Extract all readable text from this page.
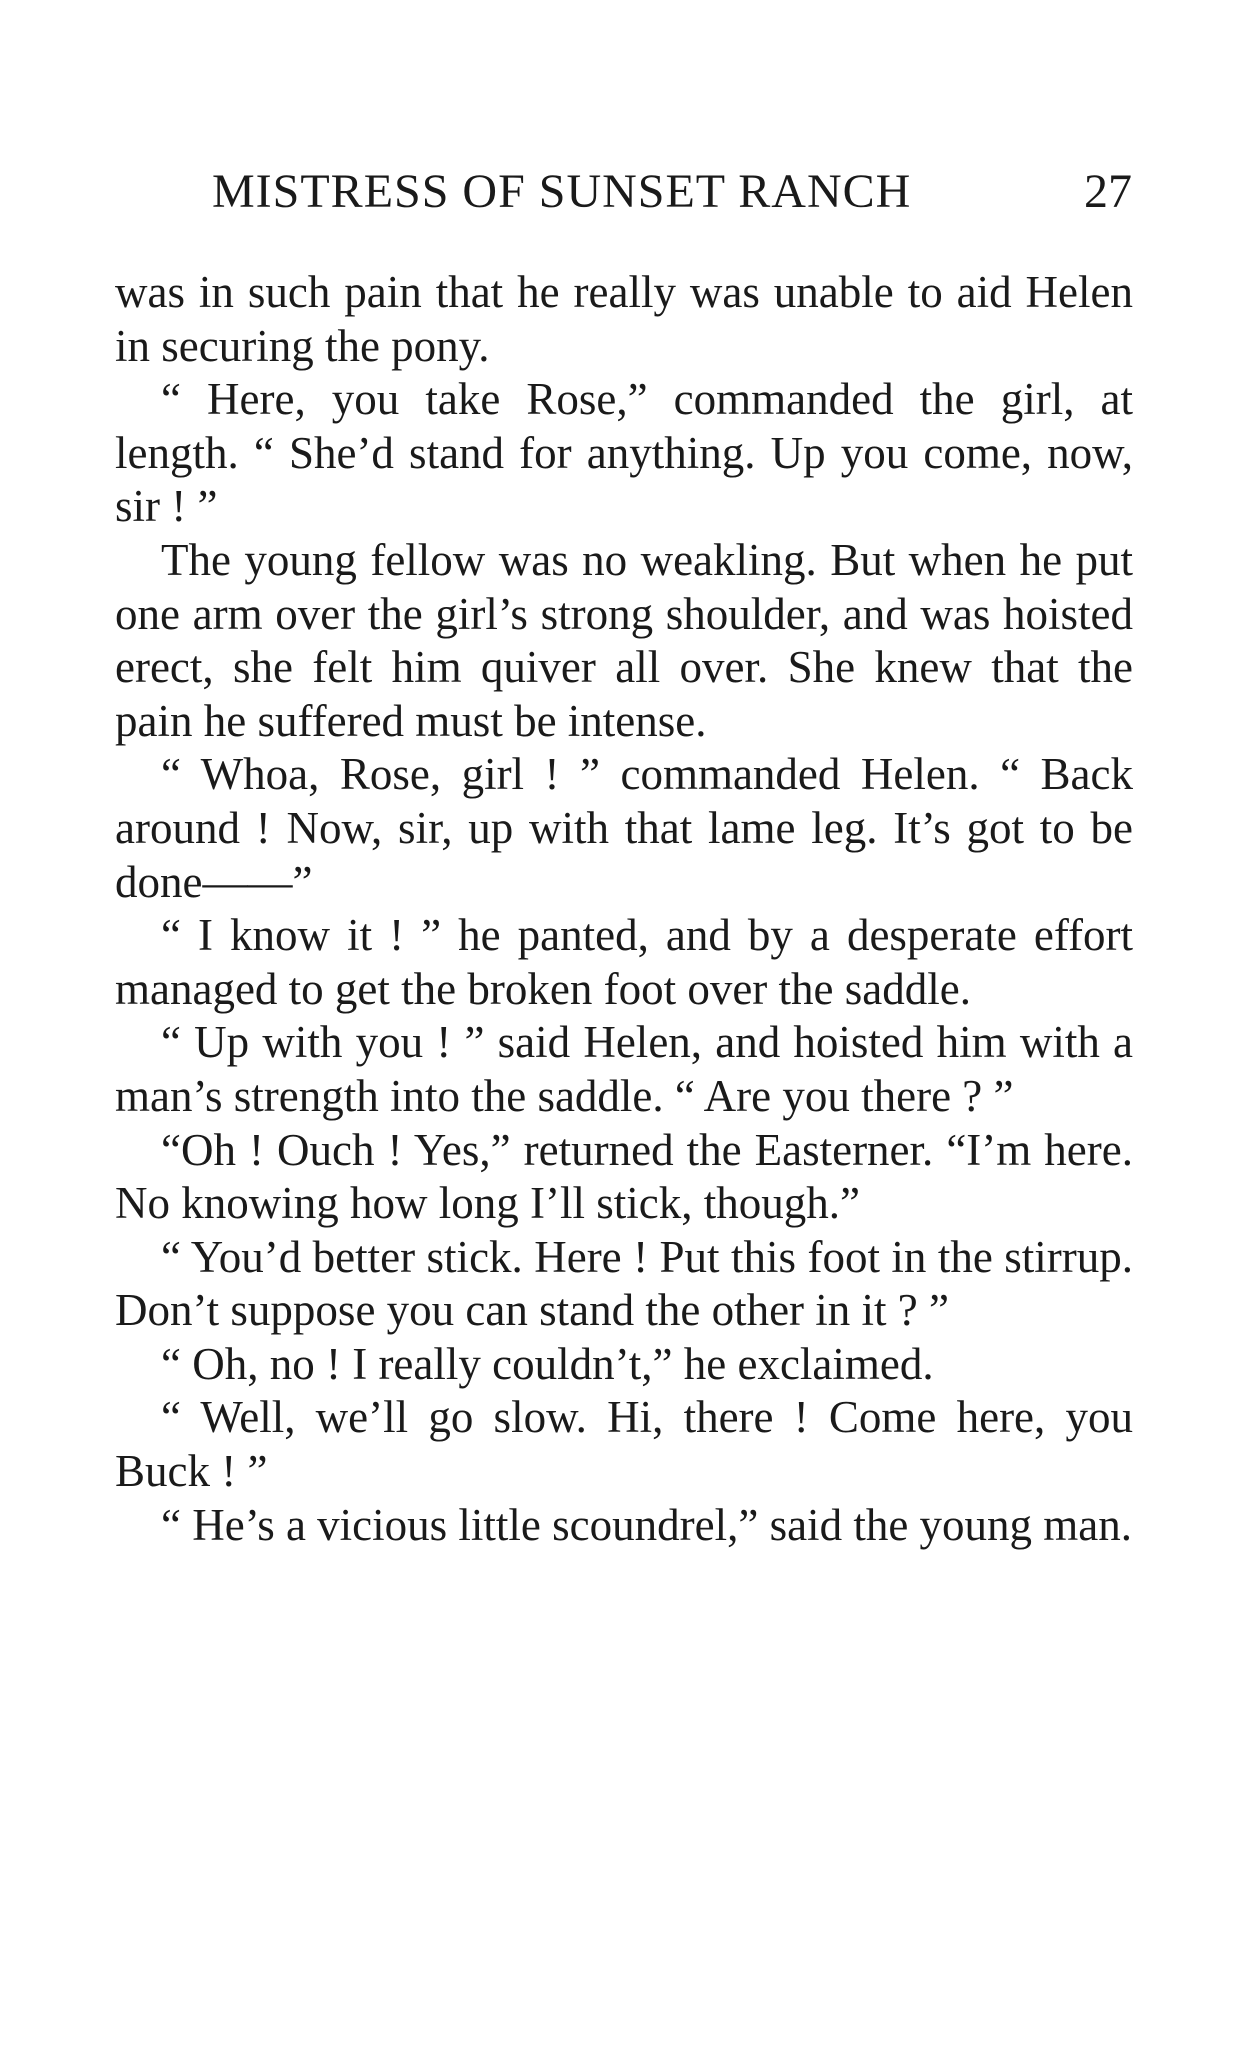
MISTRESS OF SUNSET RANCH	27

was in such pain that he really was unable to aid Helen in securing the pony.

“ Here, you take Rose,” commanded the girl, at length. “ She’d stand for anything. Up you come, now, sir ! ”

The young fellow was no weakling. But when he put one arm over the girl’s strong shoulder, and was hoisted erect, she felt him quiver all over. She knew that the pain he suffered must be intense.

“ Whoa, Rose, girl ! ” commanded Helen. “ Back around ! Now, sir, up with that lame leg. It’s got to be done——”

“ I know it ! ” he panted, and by a desperate effort managed to get the broken foot over the saddle.

“ Up with you ! ” said Helen, and hoisted him with a man’s strength into the saddle. “ Are you there ? ”

“Oh ! Ouch ! Yes,” returned the Easterner. “I’m here. No knowing how long I’ll stick, though.”

“ You’d better stick. Here ! Put this foot in the stirrup. Don’t suppose you can stand the other in it ? ”

“ Oh, no ! I really couldn’t,” he exclaimed.

“ Well, we’ll go slow. Hi, there ! Come here, you Buck ! ”

“ He’s a vicious little scoundrel,” said the young man.
